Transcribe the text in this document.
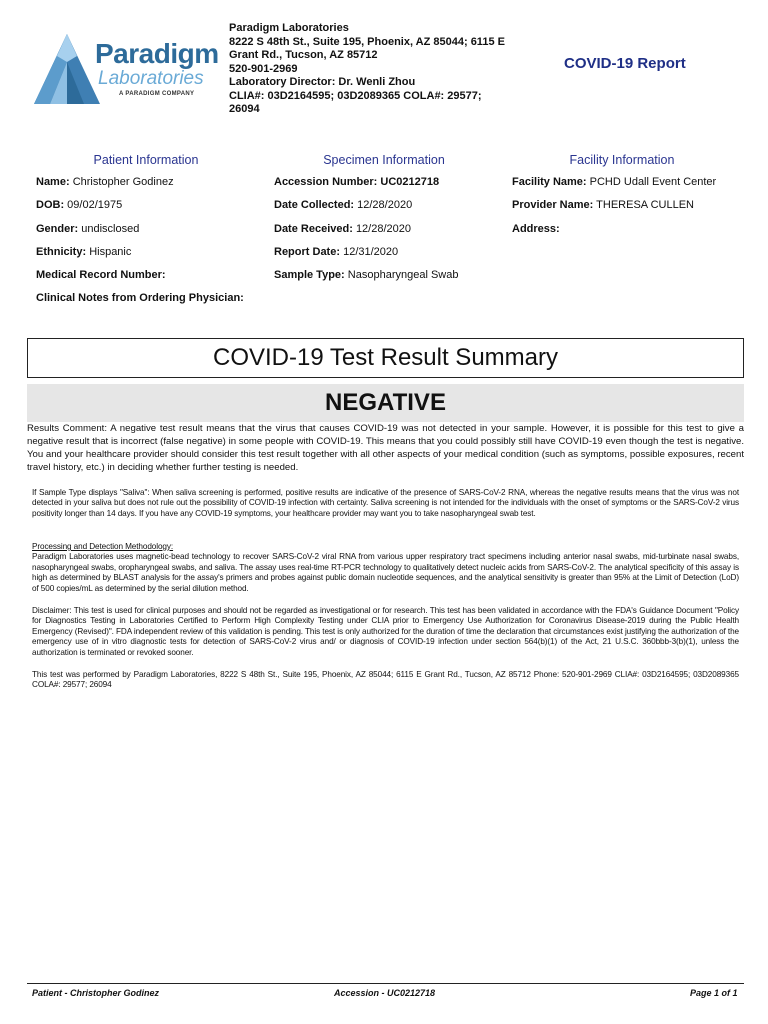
Paradigm
Laboratories
A PARADIGM COMPANY
Paradigm Laboratories
8222 S 48th St., Suite 195, Phoenix, AZ 85044; 6115 E
Grant Rd., Tucson, AZ 85712
520-901-2969
Laboratory Director: Dr. Wenli Zhou
CLIA#: 03D2164595; 03D2089365 COLA#: 29577;
26094
COVID-19 Report
Patient Information
Name: Christopher Godinez
DOB: 09/02/1975
Gender: undisclosed
Ethnicity: Hispanic
Medical Record Number:
Clinical Notes from Ordering Physician:
Specimen Information
Accession Number: UC0212718
Date Collected: 12/28/2020
Date Received: 12/28/2020
Report Date: 12/31/2020
Sample Type: Nasopharyngeal Swab
Facility Information
Facility Name: PCHD Udall Event Center
Provider Name: THERESA CULLEN
Address:
COVID-19 Test Result Summary
NEGATIVE
Results Comment: A negative test result means that the virus that causes COVID-19 was not detected in your sample. However, it is possible for this test to give a negative result that is incorrect (false negative) in some people with COVID-19. This means that you could possibly still have COVID-19 even though the test is negative. You and your healthcare provider should consider this test result together with all other aspects of your medical condition (such as symptoms, possible exposures, recent travel history, etc.) in deciding whether further testing is needed.
If Sample Type displays "Saliva": When saliva screening is performed, positive results are indicative of the presence of SARS-CoV-2 RNA, whereas the negative results means that the virus was not detected in your saliva but does not rule out the possibility of COVID-19 infection with certainty. Saliva screening is not intended for the individuals with the onset of symptoms or the SARS-CoV-2 virus positivity longer than 14 days. If you have any COVID-19 symptoms, your healthcare provider may want you to take nasopharyngeal swab test.
Processing and Detection Methodology:
Paradigm Laboratories uses magnetic-bead technology to recover SARS-CoV-2 viral RNA from various upper respiratory tract specimens including anterior nasal swabs, mid-turbinate nasal swabs, nasopharyngeal swabs, oropharyngeal swabs, and saliva. The assay uses real-time RT-PCR technology to qualitatively detect nucleic acids from SARS-CoV-2. The analytical specificity of this assay is high as determined by BLAST analysis for the assay's primers and probes against public domain nucleotide sequences, and the analytical sensitivity is greater than 95% at the Limit of Detection (LoD) of 500 copies/mL as determined by the serial dilution method.
Disclaimer: This test is used for clinical purposes and should not be regarded as investigational or for research. This test has been validated in accordance with the FDA's Guidance Document "Policy for Diagnostics Testing in Laboratories Certified to Perform High Complexity Testing under CLIA prior to Emergency Use Authorization for Coronavirus Disease-2019 during the Public Health Emergency (Revised)". FDA independent review of this validation is pending. This test is only authorized for the duration of time the declaration that circumstances exist justifying the authorization of the emergency use of in vitro diagnostic tests for detection of SARS-CoV-2 virus and/ or diagnosis of COVID-19 infection under section 564(b)(1) of the Act, 21 U.S.C. 360bbb-3(b)(1), unless the authorization is terminated or revoked sooner.
This test was performed by Paradigm Laboratories, 8222 S 48th St., Suite 195, Phoenix, AZ 85044; 6115 E Grant Rd., Tucson, AZ 85712 Phone: 520-901-2969 CLIA#: 03D2164595; 03D2089365 COLA#: 29577; 26094
Patient - Christopher Godinez	Accession - UC0212718	Page 1 of 1
